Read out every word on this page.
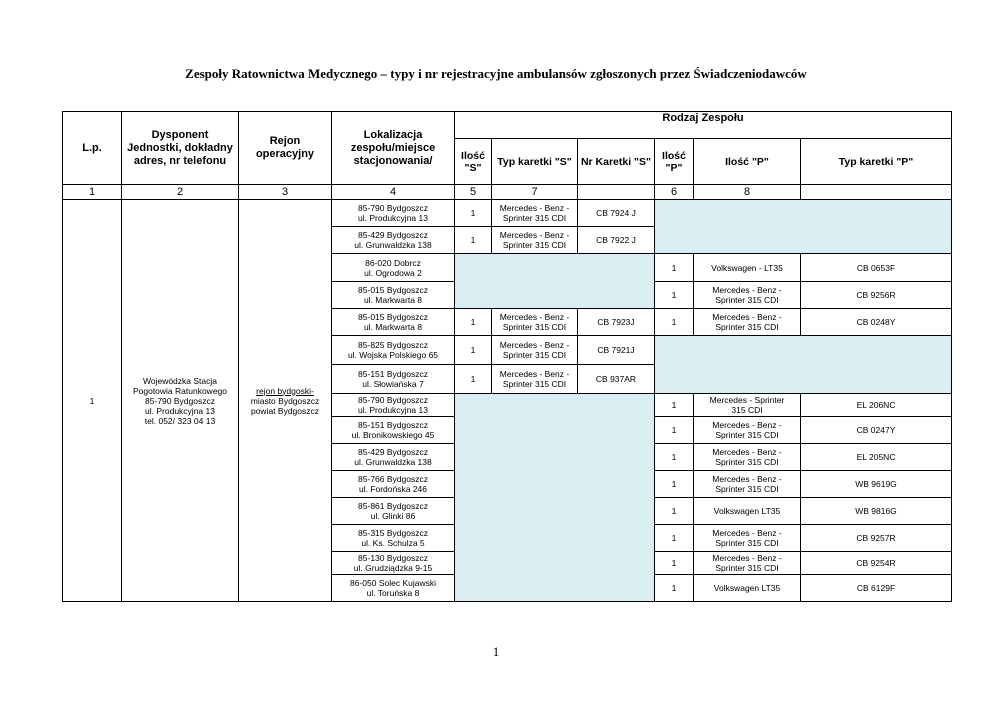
Zespoły Ratownictwa Medycznego – typy i nr rejestracyjne ambulansów zgłoszonych przez Świadczeniodawców
L.p.	Dysponent Jednostki, dokładny adres, nr telefonu	Rejon operacyjny	Lokalizacja zespołu/miejsce stacjonowania/	Rodzaj Zespołu					
				Ilość "S"	Typ karetki "S"	Nr Karetki "S"	Ilość "P"	Ilość "P"	Typ karetki "P"
1	2	3	4	5	7		6	8	
1	Wojewódzka Stacja
Pogotowia Ratunkowego
85-790 Bydgoszcz
ul. Produkcyjna 13
tel. 052/ 323 04 13	rejon bydgoski-
miasto Bydgoszcz
powiat Bydgoszcz	85-790 Bydgoszcz
ul. Produkcyjna 13	1	Mercedes - Benz -
Sprinter 315 CDI	CB 7924 J			
			85-429 Bydgoszcz
ul. Grunwaldzka 138	1	Mercedes - Benz -
Sprinter 315 CDI	CB 7922 J			
			86-020 Dobrcz
ul. Ogrodowa 2				1	Volkswagen - LT35	CB 0653F
			85-015 Bydgoszcz
ul. Markwarta 8				1	Mercedes - Benz -
Sprinter 315 CDI	CB 9256R
			85-015 Bydgoszcz
ul. Markwarta 8	1	Mercedes - Benz -
Sprinter 315 CDI	CB 7923J	1	Mercedes - Benz -
Sprinter 315 CDI	CB 0248Y
			85-825 Bydgoszcz
ul. Wojska Polskiego 65	1	Mercedes - Benz -
Sprinter 315 CDI	CB 7921J			
			85-151 Bydgoszcz
ul. Słowiańska 7	1	Mercedes - Benz -
Sprinter 315 CDI	CB 937AR			
			85-790 Bydgoszcz
ul. Produkcyjna 13				1	Mercedes - Sprinter
315 CDI	EL 206NC
			85-151 Bydgoszcz
ul. Bronikowskiego 45				1	Mercedes - Benz -
Sprinter 315 CDI	CB 0247Y
			85-429 Bydgoszcz
ul. Grunwaldzka 138				1	Mercedes - Benz -
Sprinter 315 CDI	EL 205NC
			85-766 Bydgoszcz
ul. Fordońska 246				1	Mercedes - Benz -
Sprinter 315 CDI	WB 9619G
			85-861 Bydgoszcz
ul. Glinki 86				1	Volkswagen LT35	WB 9816G
			85-315 Bydgoszcz
ul. Ks. Schulza 5				1	Mercedes - Benz -
Sprinter 315 CDI	CB 9257R
			85-130 Bydgoszcz
ul. Grudziądzka 9-15				1	Mercedes - Benz -
Sprinter 315 CDI	CB 9254R
			86-050 Solec Kujawski
ul. Toruńska 8				1	Volkswagen LT35	CB 6129F
1
